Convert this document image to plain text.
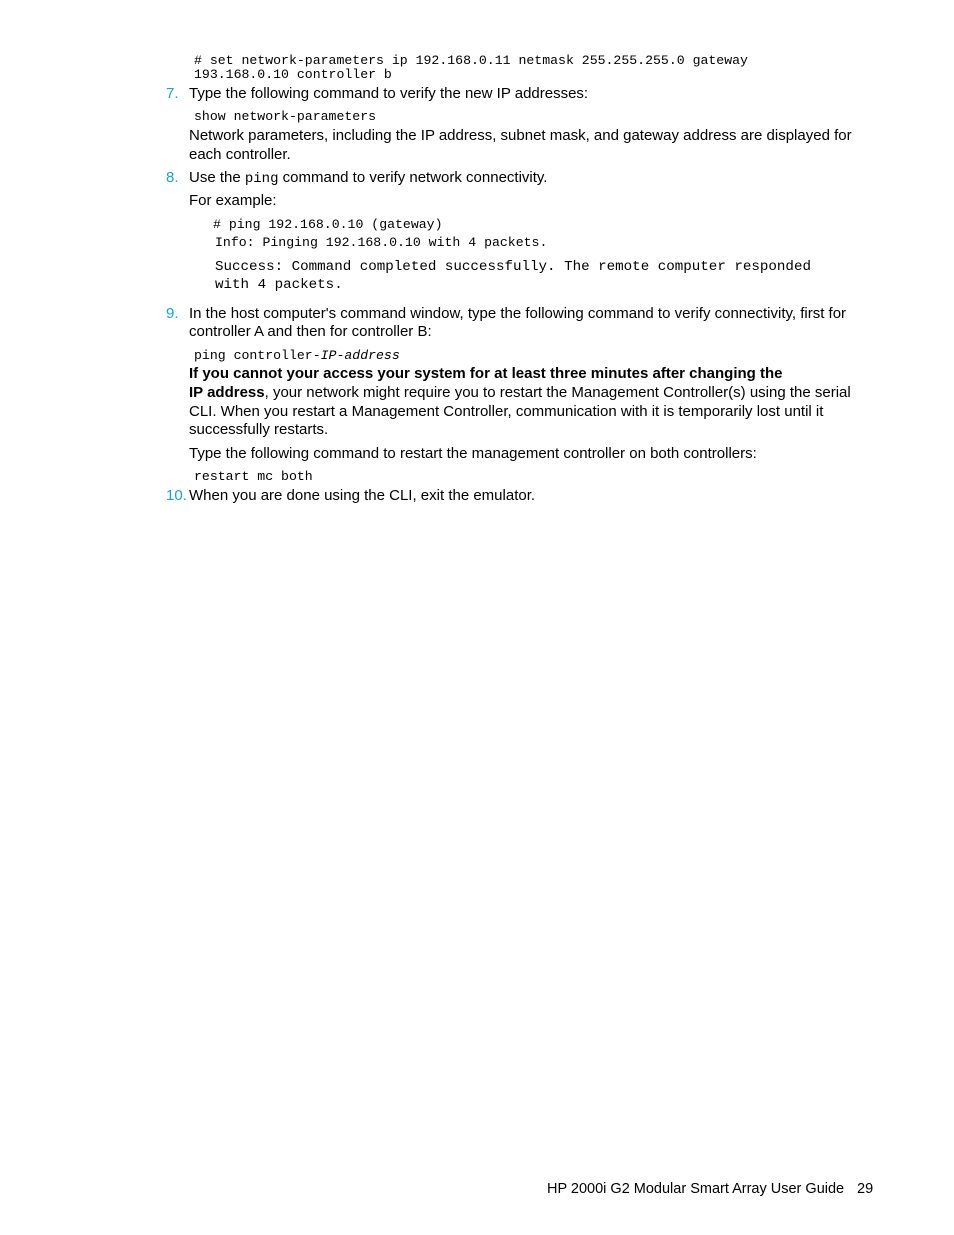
# set network-parameters ip 192.168.0.11 netmask 255.255.255.0 gateway
193.168.0.10 controller b
7. Type the following command to verify the new IP addresses:
show network-parameters
Network parameters, including the IP address, subnet mask, and gateway address are displayed for
each controller.
8. Use the ping command to verify network connectivity.
For example:
# ping 192.168.0.10 (gateway)
Info: Pinging 192.168.0.10 with 4 packets.
Success: Command completed successfully. The remote computer responded
with 4 packets.
9. In the host computer's command window, type the following command to verify connectivity, first for
controller A and then for controller B:
ping controller-IP-address
If you cannot your access your system for at least three minutes after changing the
IP address, your network might require you to restart the Management Controller(s) using the serial
CLI. When you restart a Management Controller, communication with it is temporarily lost until it
successfully restarts.
Type the following command to restart the management controller on both controllers:
restart mc both
10. When you are done using the CLI, exit the emulator.
HP 2000i G2 Modular Smart Array User Guide 29
